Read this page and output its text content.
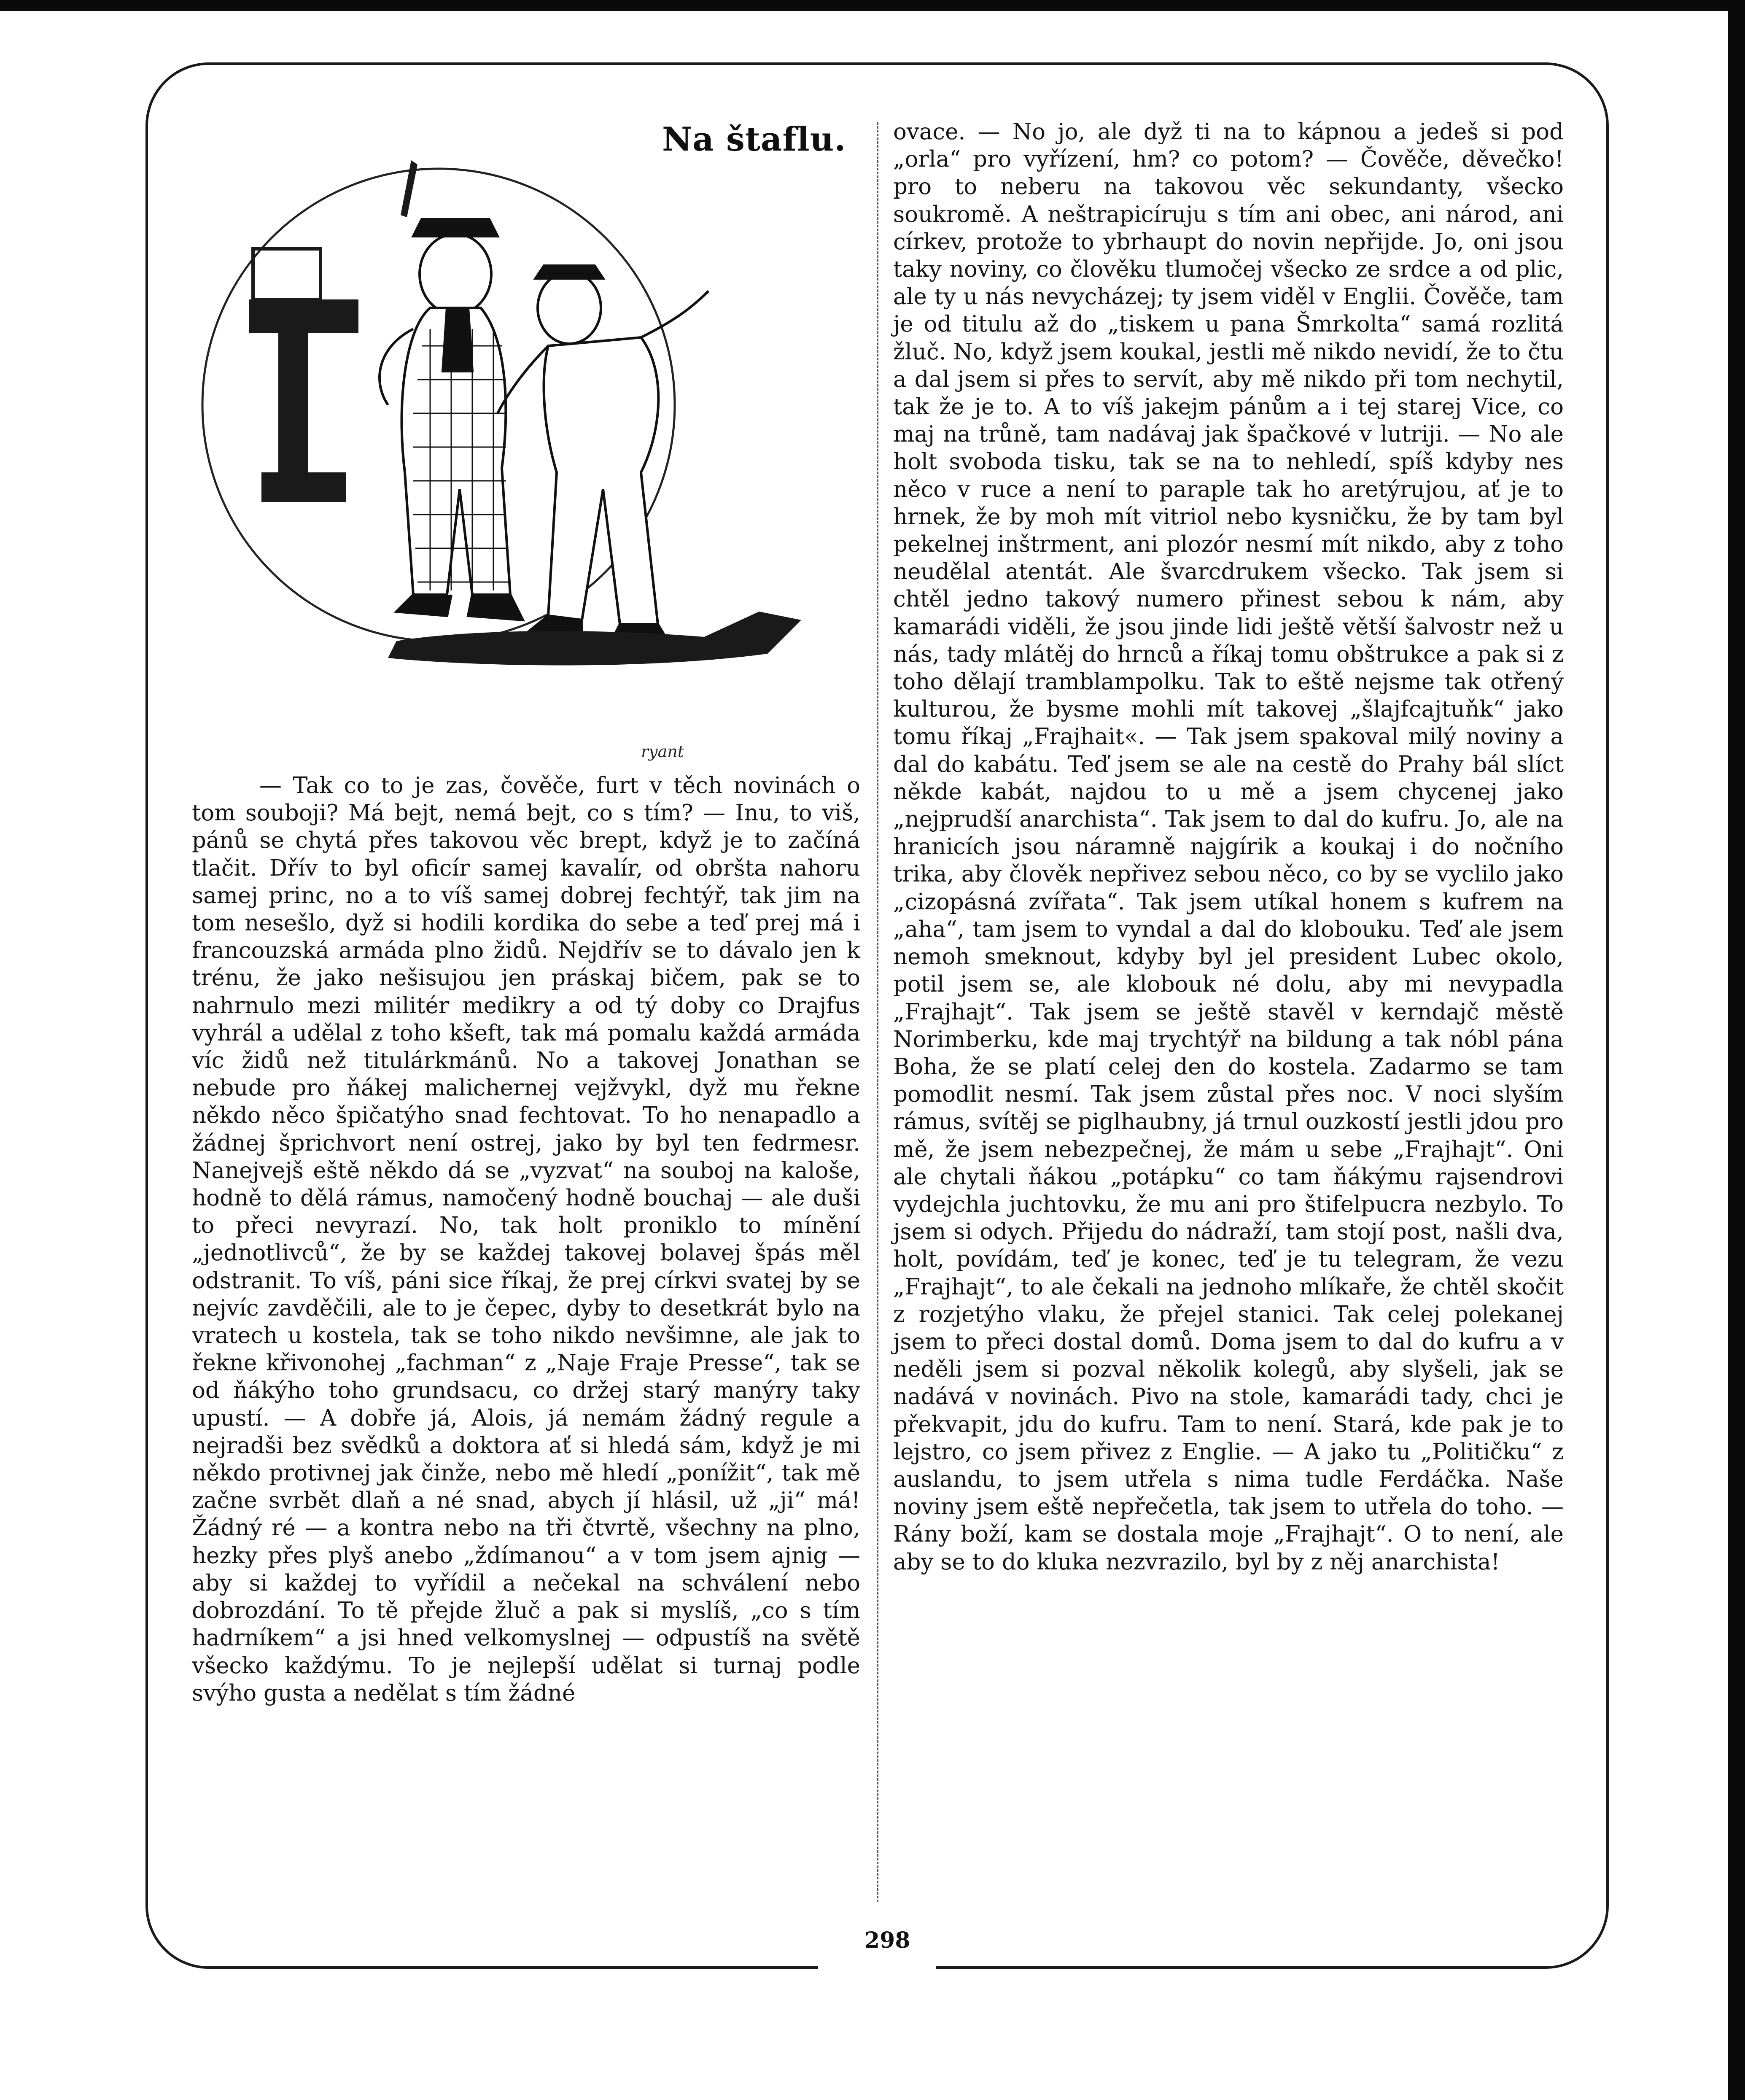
ryant
Na štaflu.

— Tak co to je zas, čověče, furt v těch novinách o tom souboji? Má bejt, nemá bejt, co s tím? — Inu, to viš, pánů se chytá přes takovou věc brept, když je to začíná tlačit. Dřív to byl oficír samej kavalír, od obršta nahoru samej princ, no a to víš samej dobrej fechtýř, tak jim na tom nesešlo, dyž si hodili kordika do sebe a teď prej má i francouzská armáda plno židů. Nejdřív se to dávalo jen k trénu, že jako nešisujou jen práskaj bičem, pak se to nahrnulo mezi militér medikry a od tý doby co Drajfus vyhrál a udělal z toho kšeft, tak má pomalu každá armáda víc židů než titulárkmánů. No a takovej Jonathan se nebude pro ňákej malichernej vejžvykl, dyž mu řekne někdo něco špičatýho snad fechtovat. To ho nenapadlo a žádnej šprichvort není ostrej, jako by byl ten fedrmesr. Nanejvejš eště někdo dá se „vyzvat“ na souboj na kaloše, hodně to dělá rámus, namočený hodně bouchaj — ale duši to přeci nevyrazí. No, tak holt proniklo to mínění „jednotlivců“, že by se každej takovej bolavej špás měl odstranit. To víš, páni sice říkaj, že prej církvi svatej by se nejvíc zavděčili, ale to je čepec, dyby to desetkrát bylo na vratech u kostela, tak se toho nikdo nevšimne, ale jak to řekne křivonohej „fachman“ z „Naje Fraje Presse“, tak se od ňákýho toho grundsacu, co držej starý manýry taky upustí. — A dobře já, Alois, já nemám žádný regule a nejradši bez svědků a doktora ať si hledá sám, když je mi někdo protivnej jak činže, nebo mě hledí „ponížit“, tak mě začne svrbět dlaň a né snad, abych jí hlásil, už „ji“ má! Žádný ré — a kontra nebo na tři čtvrtě, všechny na plno, hezky přes plyš anebo „ždímanou“ a v tom jsem ajnig — aby si každej to vyřídil a nečekal na schválení nebo dobrozdání. To tě přejde žluč a pak si myslíš, „co s tím hadrníkem“ a jsi hned velkomyslnej — odpustíš na světě všecko každýmu. To je nejlepší udělat si turnaj podle svýho gusta a nedělat s tím žádné

ovace. — No jo, ale dyž ti na to kápnou a jedeš si pod „orla“ pro vyřízení, hm? co potom? — Čověče, děvečko! pro to neberu na takovou věc sekundanty, všecko soukromě. A neštrapicíruju s tím ani obec, ani národ, ani církev, protože to ybrhaupt do novin nepřijde. Jo, oni jsou taky noviny, co člověku tlumočej všecko ze srdce a od plic, ale ty u nás nevycházej; ty jsem viděl v Englii. Čověče, tam je od titulu až do „tiskem u pana Šmrkolta“ samá rozlitá žluč. No, když jsem koukal, jestli mě nikdo nevidí, že to čtu a dal jsem si přes to servít, aby mě nikdo při tom nechytil, tak že je to. A to víš jakejm pánům a i tej starej Vice, co maj na trůně, tam nadávaj jak špačkové v lutriji. — No ale holt svoboda tisku, tak se na to nehledí, spíš kdyby nes něco v ruce a není to paraple tak ho aretýrujou, ať je to hrnek, že by moh mít vitriol nebo kysničku, že by tam byl pekelnej inštrment, ani plozór nesmí mít nikdo, aby z toho neudělal atentát. Ale švarcdrukem všecko. Tak jsem si chtěl jedno takový numero přinest sebou k nám, aby kamarádi viděli, že jsou jinde lidi ještě větší šalvostr než u nás, tady mlátěj do hrnců a říkaj tomu obštrukce a pak si z toho dělají tramblampolku. Tak to eště nejsme tak otřený kulturou, že bysme mohli mít takovej „šlajfcajtuňk“ jako tomu říkaj „Frajhait«. — Tak jsem spakoval milý noviny a dal do kabátu. Teď jsem se ale na cestě do Prahy bál slíct někde kabát, najdou to u mě a jsem chycenej jako „nejprudší anarchista“. Tak jsem to dal do kufru. Jo, ale na hranicích jsou náramně najgírik a koukaj i do nočního trika, aby člověk nepřivez sebou něco, co by se vyclilo jako „cizopásná zvířata“. Tak jsem utíkal honem s kufrem na „aha“, tam jsem to vyndal a dal do klobouku. Teď ale jsem nemoh smeknout, kdyby byl jel president Lubec okolo, potil jsem se, ale klobouk né dolu, aby mi nevypadla „Frajhajt“. Tak jsem se ještě stavěl v kerndajč městě Norimberku, kde maj trychtýř na bildung a tak nóbl pána Boha, že se platí celej den do kostela. Zadarmo se tam pomodlit nesmí. Tak jsem zůstal přes noc. V noci slyším rámus, svítěj se piglhaubny, já trnul ouzkostí jestli jdou pro mě, že jsem nebezpečnej, že mám u sebe „Frajhajt“. Oni ale chytali ňákou „potápku“ co tam ňákýmu rajsendrovi vydejchla juchtovku, že mu ani pro štifelpucra nezbylo. To jsem si odych. Přijedu do nádraží, tam stojí post, našli dva, holt, povídám, teď je konec, teď je tu telegram, že vezu „Frajhajt“, to ale čekali na jednoho mlíkaře, že chtěl skočit z rozjetýho vlaku, že přejel stanici. Tak celej polekanej jsem to přeci dostal domů. Doma jsem to dal do kufru a v neděli jsem si pozval několik kolegů, aby slyšeli, jak se nadává v novinách. Pivo na stole, kamarádi tady, chci je překvapit, jdu do kufru. Tam to není. Stará, kde pak je to lejstro, co jsem přivez z Englie. — A jako tu „Političku“ z auslandu, to jsem utřela s nima tudle Ferdáčka. Naše noviny jsem eště nepřečetla, tak jsem to utřela do toho. — Rány boží, kam se dostala moje „Frajhajt“. O to není, ale aby se to do kluka nezvrazilo, byl by z něj anarchista!

298
